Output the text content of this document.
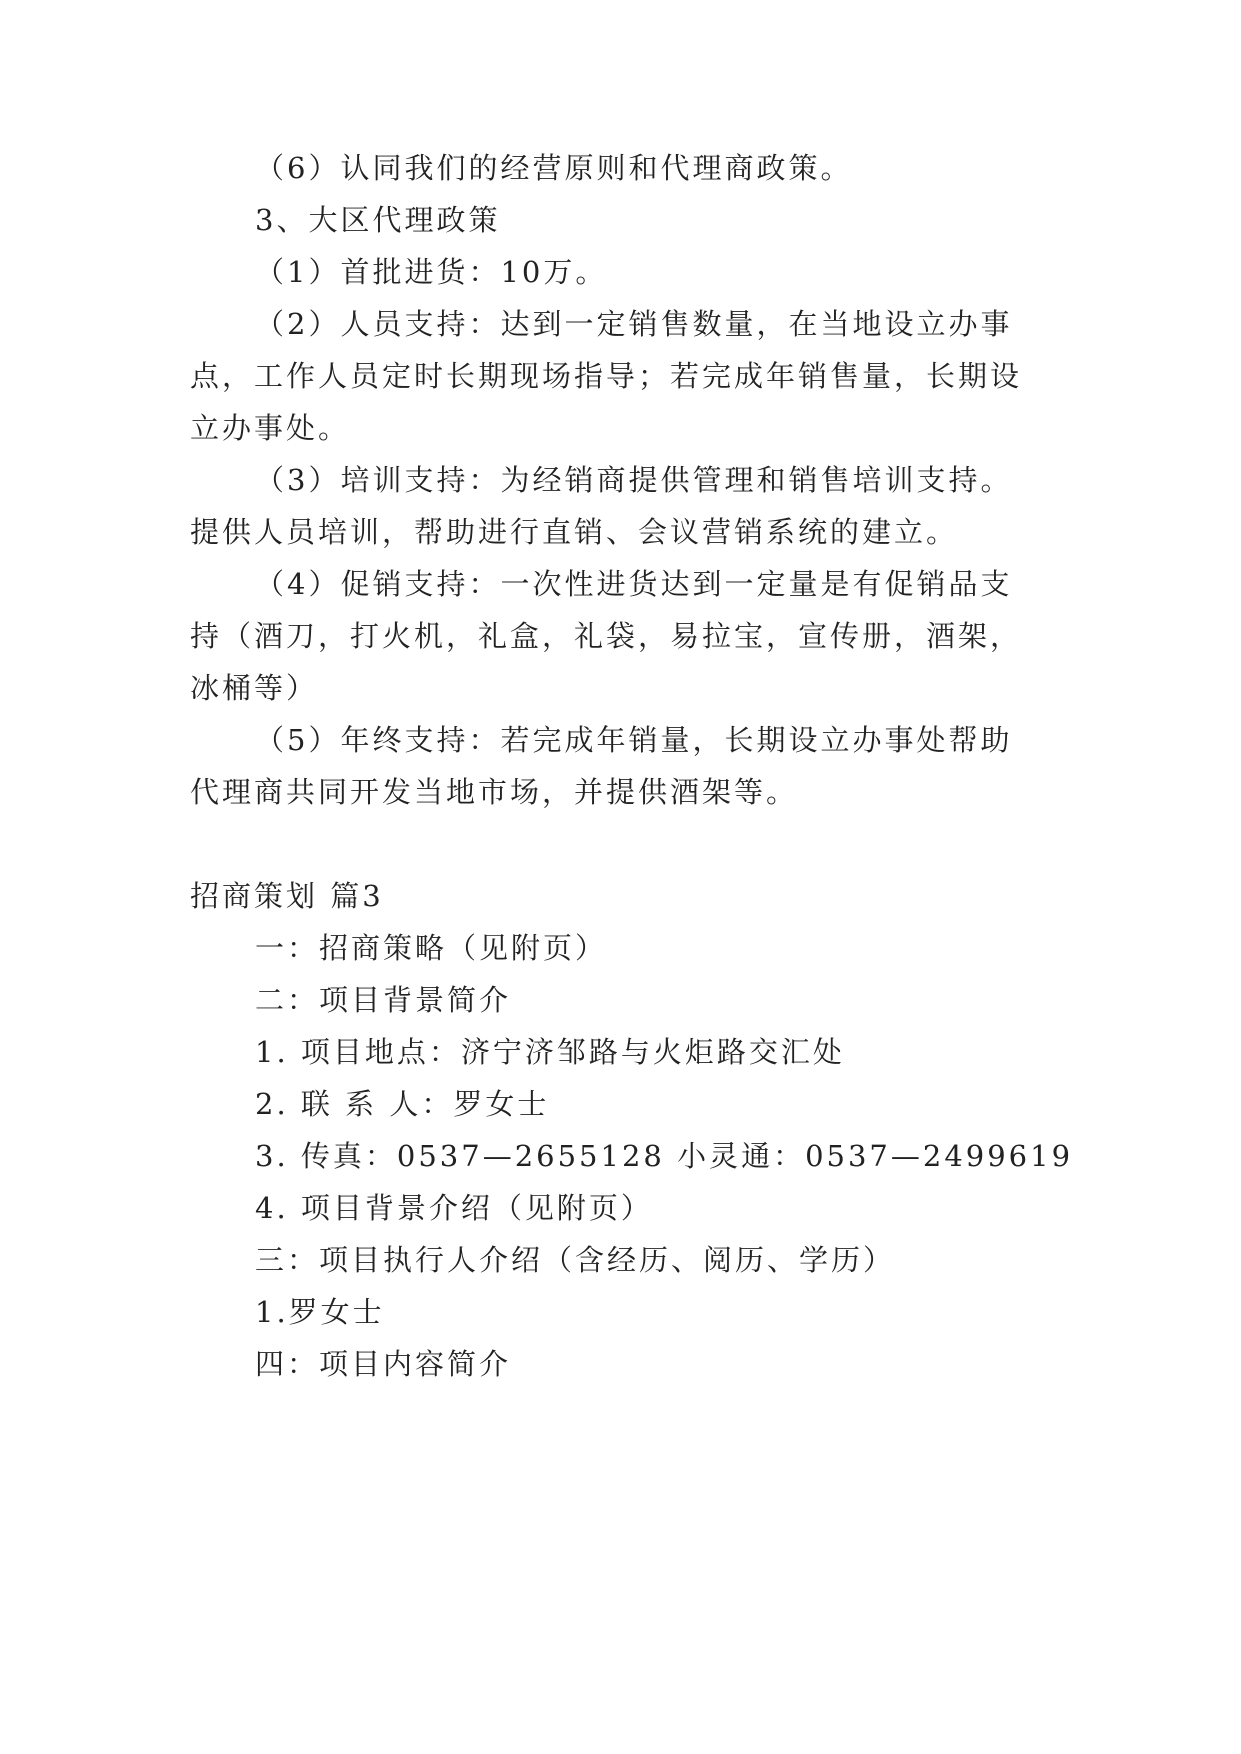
（6）认同我们的经营原则和代理商政策。
3、大区代理政策
（1）首批进货：10万。
（2）人员支持：达到一定销售数量，在当地设立办事
点，工作人员定时长期现场指导；若完成年销售量，长期设
立办事处。
（3）培训支持：为经销商提供管理和销售培训支持。
提供人员培训，帮助进行直销、会议营销系统的建立。
（4）促销支持：一次性进货达到一定量是有促销品支
持（酒刀，打火机，礼盒，礼袋，易拉宝，宣传册，酒架，
冰桶等）
（5）年终支持：若完成年销量，长期设立办事处帮助
代理商共同开发当地市场，并提供酒架等。
招商策划 篇3
一：招商策略（见附页）
二：项目背景简介
1. 项目地点：济宁济邹路与火炬路交汇处
2. 联 系 人：罗女士
3. 传真：0537—2655128 小灵通：0537—2499619
4. 项目背景介绍（见附页）
三：项目执行人介绍（含经历、阅历、学历）
1.罗女士
四：项目内容简介
